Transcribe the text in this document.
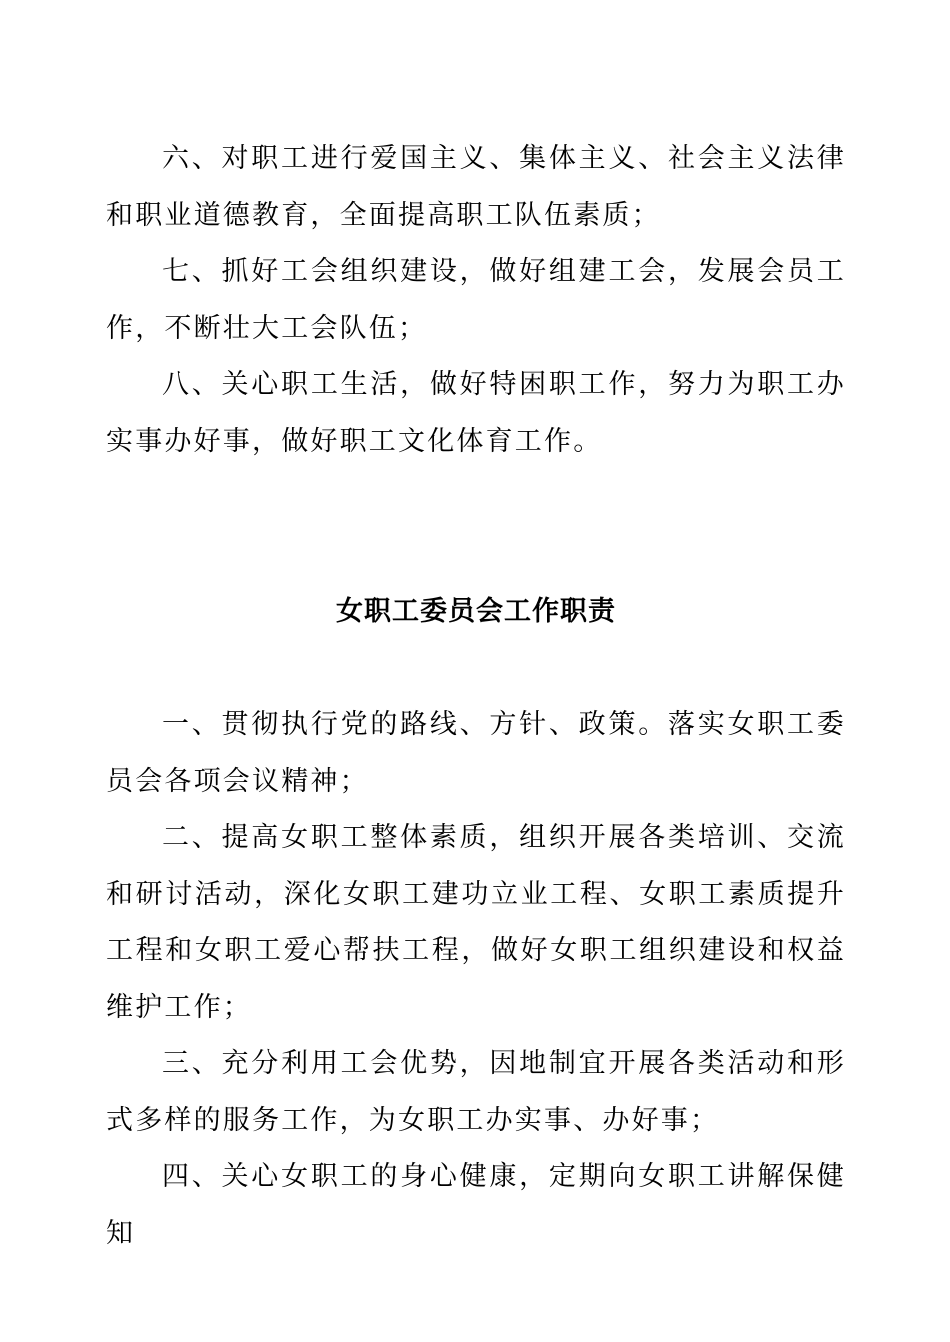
六、对职工进行爱国主义、集体主义、社会主义法律和职业道德教育，全面提高职工队伍素质；

七、抓好工会组织建设，做好组建工会，发展会员工作，不断壮大工会队伍；

八、关心职工生活，做好特困职工作，努力为职工办实事办好事，做好职工文化体育工作。

女职工委员会工作职责

一、贯彻执行党的路线、方针、政策。落实女职工委员会各项会议精神；

二、提高女职工整体素质，组织开展各类培训、交流和研讨活动，深化女职工建功立业工程、女职工素质提升工程和女职工爱心帮扶工程，做好女职工组织建设和权益维护工作；

三、充分利用工会优势，因地制宜开展各类活动和形式多样的服务工作，为女职工办实事、办好事；

四、关心女职工的身心健康，定期向女职工讲解保健知
